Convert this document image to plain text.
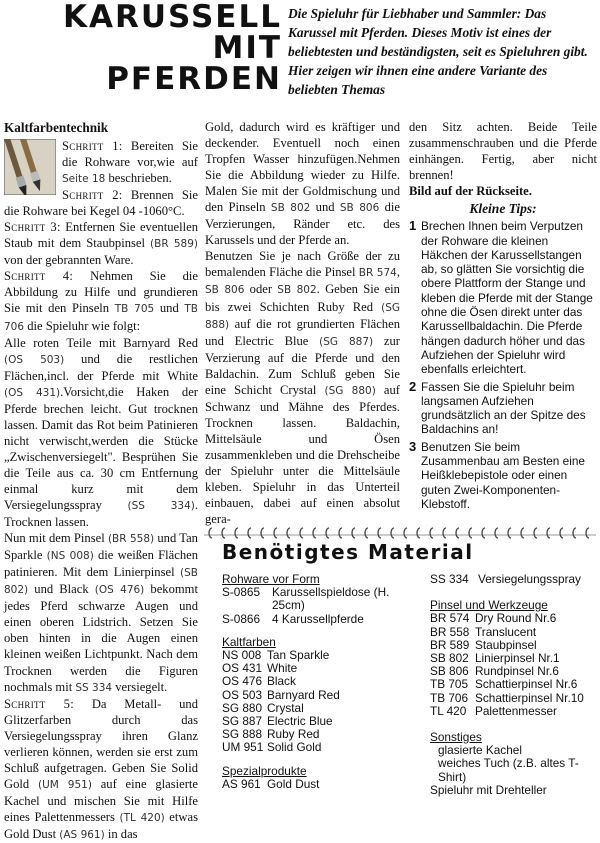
KARUSSELL
MIT
PFERDEN
Die Spieluhr für Liebhaber und Sammler: Das Karussel mit Pferden. Dieses Motiv ist eines der beliebtesten und beständigsten, seit es Spieluhren gibt. Hier zeigen wir ihnen eine andere Variante des beliebten Themas

Kaltfarbentechnik

Schritt 1: Bereiten Sie die Rohware vor,wie auf Seite 18 beschrieben.

Schritt 2: Brennen Sie die Rohware bei Kegel 04 -1060°C.

Schritt 3: Entfernen Sie eventuellen Staub mit dem Staubpinsel (BR 589) von der gebrannten Ware.

Schritt 4: Nehmen Sie die Abbildung zu Hilfe und grundieren Sie mit den Pinseln TB 705 und TB 706 die Spieluhr wie folgt:

Alle roten Teile mit Barnyard Red (OS 503) und die restlichen Flächen,incl. der Pferde mit White (OS 431).Vorsicht,die Haken der Pferde brechen leicht. Gut trocknen lassen. Damit das Rot beim Patinieren nicht verwischt,werden die Stücke „Zwischenversiegelt". Besprühen Sie die Teile aus ca. 30 cm Entfernung einmal kurz mit dem Versiegelungsspray (SS 334). Trocknen lassen.

Nun mit dem Pinsel (BR 558) und Tan Sparkle (NS 008) die weißen Flächen patinieren. Mit dem Linierpinsel (SB 802) und Black (OS 476) bekommt jedes Pferd schwarze Augen und einen oberen Lidstrich. Setzen Sie oben hinten in die Augen einen kleinen weißen Lichtpunkt. Nach dem Trocknen werden die Figuren nochmals mit SS 334 versiegelt.

Schritt 5: Da Metall- und Glitzerfarben durch das Versiegelungsspray ihren Glanz verlieren können, werden sie erst zum Schluß aufgetragen. Geben Sie Solid Gold (UM 951) auf eine glasierte Kachel und mischen Sie mit Hilfe eines Palettenmessers (TL 420) etwas Gold Dust (AS 961) in das

Gold, dadurch wird es kräftiger und deckender. Eventuell noch einen Tropfen Wasser hinzufügen.Nehmen Sie die Abbildung wieder zu Hilfe. Malen Sie mit der Goldmischung und den Pinseln SB 802 und SB 806 die Verzierungen, Ränder etc. des Karussels und der Pferde an.

Benutzen Sie je nach Größe der zu bemalenden Fläche die Pinsel BR 574, SB 806 oder SB 802. Geben Sie ein bis zwei Schichten Ruby Red (SG 888) auf die rot grundierten Flächen und Electric Blue (SG 887) zur Verzierung auf die Pferde und den Baldachin. Zum Schluß geben Sie eine Schicht Crystal (SG 880) auf Schwanz und Mähne des Pferdes. Trocknen lassen. Baldachin, Mittelsäule und Ösen zusammenkleben und die Drehscheibe der Spieluhr unter die Mittelsäule kleben. Spieluhr in das Unterteil einbauen, dabei auf einen absolut gera-

den Sitz achten. Beide Teile zusammenschrauben und die Pferde einhängen. Fertig, aber nicht brennen!
Bild auf der Rückseite.

Kleine Tips:

1 Brechen Ihnen beim Verputzen der Rohware die kleinen Häkchen der Karussellstangen ab, so glätten Sie vorsichtig die obere Plattform der Stange und kleben die Pferde mit der Stange ohne die Ösen direkt unter das Karussellbaldachin. Die Pferde hängen dadurch höher und das Aufziehen der Spieluhr wird ebenfalls erleichtert.

2 Fassen Sie die Spieluhr beim langsamen Aufziehen grundsätzlich an der Spitze des Baldachins an!

3 Benutzen Sie beim Zusammenbau am Besten eine Heißklebepistole oder einen guten Zwei-Komponenten-Klebstoff.

Benötigtes Material
Rohware vor Form
S-0865	Karussellspieldose (H. 25cm)
S-0866	4 Karussellpferde
Kaltfarben
NS 008 Tan Sparkle
OS 431 White
OS 476 Black
OS 503 Barnyard Red
SG 880 Crystal
SG 887 Electric Blue
SG 888 Ruby Red
UM 951 Solid Gold
Spezialprodukte
AS 961 Gold Dust
SS 334 Versiegelungsspray
Pinsel und Werkzeuge
BR 574 Dry Round Nr.6
BR 558 Translucent
BR 589 Staubpinsel
SB 802 Linierpinsel Nr.1
SB 806 Rundpinsel Nr.6
TB 705 Schattierpinsel Nr.6
TB 706 Schattierpinsel Nr.10
TL 420 Palettenmesser
Sonstiges
glasierte Kachel
weiches Tuch (z.B. altes T-Shirt)
Spieluhr mit Drehteller
